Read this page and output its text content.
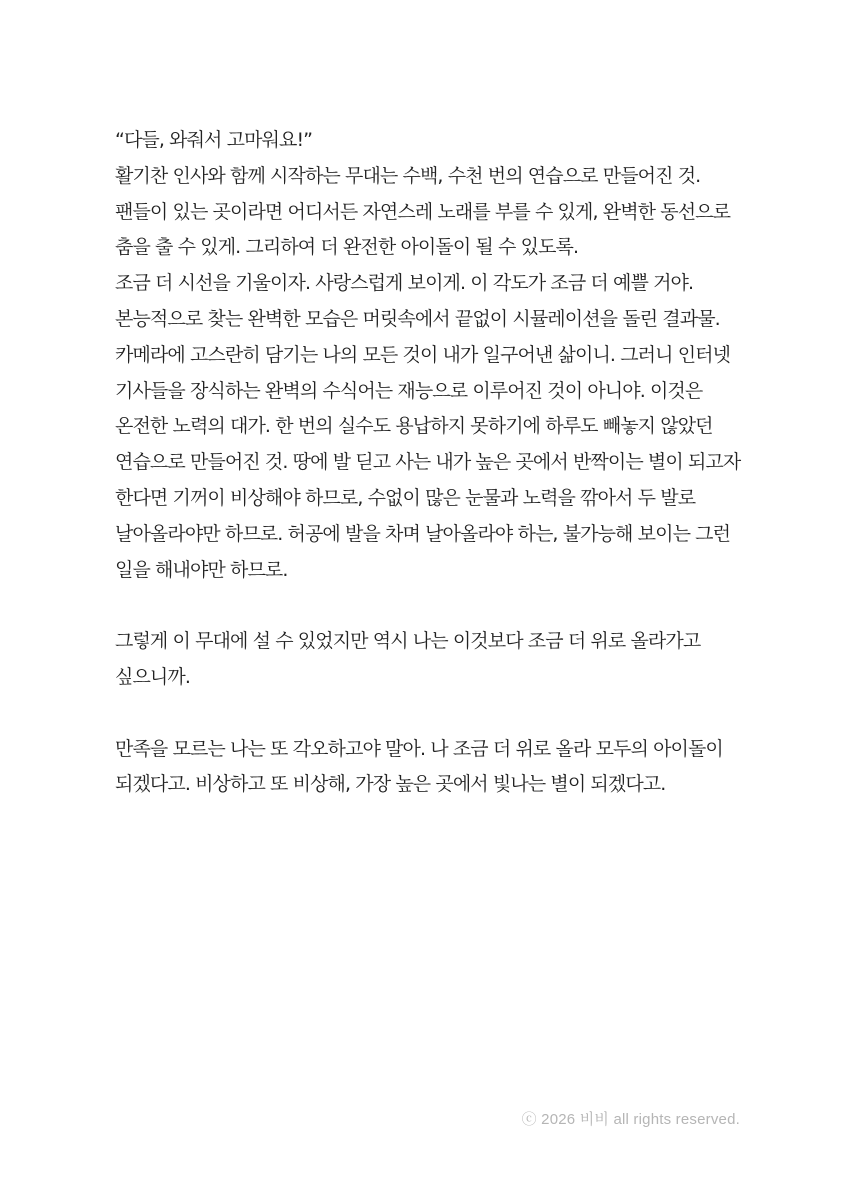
“다들, 와줘서 고마워요!”
활기찬 인사와 함께 시작하는 무대는 수백, 수천 번의 연습으로 만들어진 것.
팬들이 있는 곳이라면 어디서든 자연스레 노래를 부를 수 있게, 완벽한 동선으로
춤을 출 수 있게. 그리하여 더 완전한 아이돌이 될 수 있도록.
조금 더 시선을 기울이자. 사랑스럽게 보이게. 이 각도가 조금 더 예쁠 거야.
본능적으로 찾는 완벽한 모습은 머릿속에서 끝없이 시뮬레이션을 돌린 결과물.
카메라에 고스란히 담기는 나의 모든 것이 내가 일구어낸 삶이니. 그러니 인터넷
기사들을 장식하는 완벽의 수식어는 재능으로 이루어진 것이 아니야. 이것은
온전한 노력의 대가. 한 번의 실수도 용납하지 못하기에 하루도 빼놓지 않았던
연습으로 만들어진 것. 땅에 발 딛고 사는 내가 높은 곳에서 반짝이는 별이 되고자
한다면 기꺼이 비상해야 하므로, 수없이 많은 눈물과 노력을 깎아서 두 발로
날아올라야만 하므로. 허공에 발을 차며 날아올라야 하는, 불가능해 보이는 그런
일을 해내야만 하므로.
그렇게 이 무대에 설 수 있었지만 역시 나는 이것보다 조금 더 위로 올라가고
싶으니까.
만족을 모르는 나는 또 각오하고야 말아. 나 조금 더 위로 올라 모두의 아이돌이
되겠다고. 비상하고 또 비상해, 가장 높은 곳에서 빛나는 별이 되겠다고.
ⓒ 2026 비비 all rights reserved.
